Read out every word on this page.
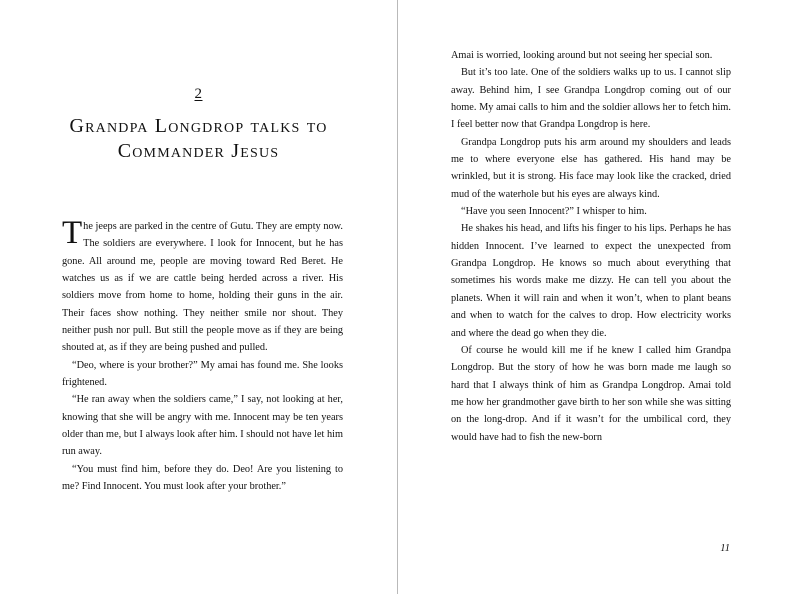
2
Grandpa Longdrop talks to
Commander Jesus

The jeeps are parked in the centre of Gutu. They are empty now. The soldiers are everywhere. I look for Innocent, but he has gone. All around me, people are moving toward Red Beret. He watches us as if we are cattle being herded across a river. His soldiers move from home to home, holding their guns in the air. Their faces show nothing. They neither smile nor shout. They neither push nor pull. But still the people move as if they are being shouted at, as if they are being pushed and pulled.

“Deo, where is your brother?” My amai has found me. She looks frightened.

“He ran away when the soldiers came,” I say, not looking at her, knowing that she will be angry with me. Innocent may be ten years older than me, but I always look after him. I should not have let him run away.

“You must find him, before they do. Deo! Are you listening to me? Find Innocent. You must look after your brother.”

Amai is worried, looking around but not seeing her special son.

But it’s too late. One of the soldiers walks up to us. I cannot slip away. Behind him, I see Grandpa Longdrop coming out of our home. My amai calls to him and the soldier allows her to fetch him. I feel better now that Grandpa Longdrop is here.

Grandpa Longdrop puts his arm around my shoulders and leads me to where everyone else has gathered. His hand may be wrinkled, but it is strong. His face may look like the cracked, dried mud of the waterhole but his eyes are always kind.

“Have you seen Innocent?” I whisper to him.

He shakes his head, and lifts his finger to his lips. Perhaps he has hidden Innocent. I’ve learned to expect the unexpected from Grandpa Longdrop. He knows so much about everything that sometimes his words make me dizzy. He can tell you about the planets. When it will rain and when it won’t, when to plant beans and when to watch for the calves to drop. How electricity works and where the dead go when they die.

Of course he would kill me if he knew I called him Grandpa Longdrop. But the story of how he was born made me laugh so hard that I always think of him as Grandpa Longdrop. Amai told me how her grandmother gave birth to her son while she was sitting on the long-drop. And if it wasn’t for the umbilical cord, they would have had to fish the new-born

11
